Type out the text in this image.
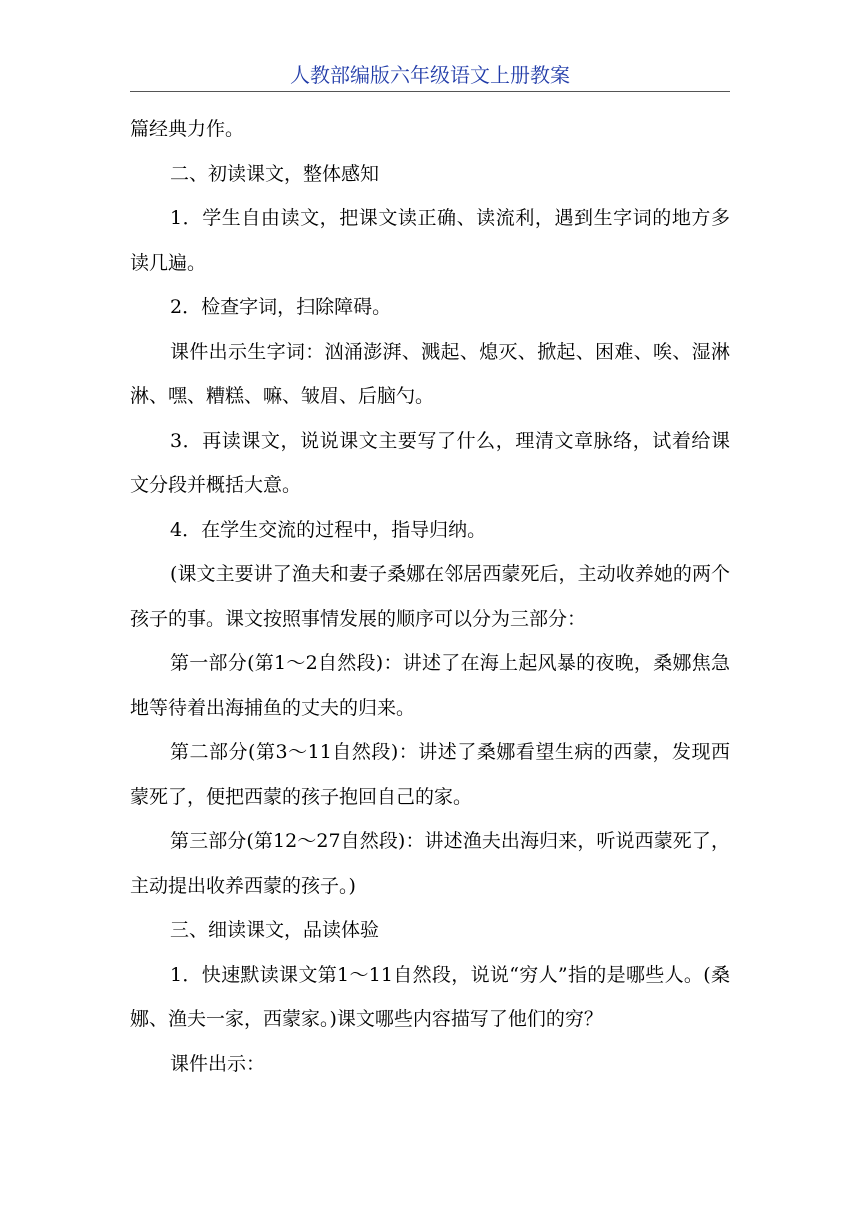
人教部编版六年级语文上册教案

篇经典力作。

二、初读课文，整体感知

1．学生自由读文，把课文读正确、读流利，遇到生字词的地方多读几遍。

2．检查字词，扫除障碍。

课件出示生字词：汹涌澎湃、溅起、熄灭、掀起、困难、唉、湿淋淋、嘿、糟糕、嘛、皱眉、后脑勺。

3．再读课文，说说课文主要写了什么，理清文章脉络，试着给课文分段并概括大意。

4．在学生交流的过程中，指导归纳。

(课文主要讲了渔夫和妻子桑娜在邻居西蒙死后，主动收养她的两个孩子的事。课文按照事情发展的顺序可以分为三部分：

第一部分(第1～2自然段)：讲述了在海上起风暴的夜晚，桑娜焦急地等待着出海捕鱼的丈夫的归来。

第二部分(第3～11自然段)：讲述了桑娜看望生病的西蒙，发现西蒙死了，便把西蒙的孩子抱回自己的家。

第三部分(第12～27自然段)：讲述渔夫出海归来，听说西蒙死了，主动提出收养西蒙的孩子。)

三、细读课文，品读体验

1．快速默读课文第1～11自然段，说说“穷人”指的是哪些人。(桑娜、渔夫一家，西蒙家。)课文哪些内容描写了他们的穷？

课件出示：
